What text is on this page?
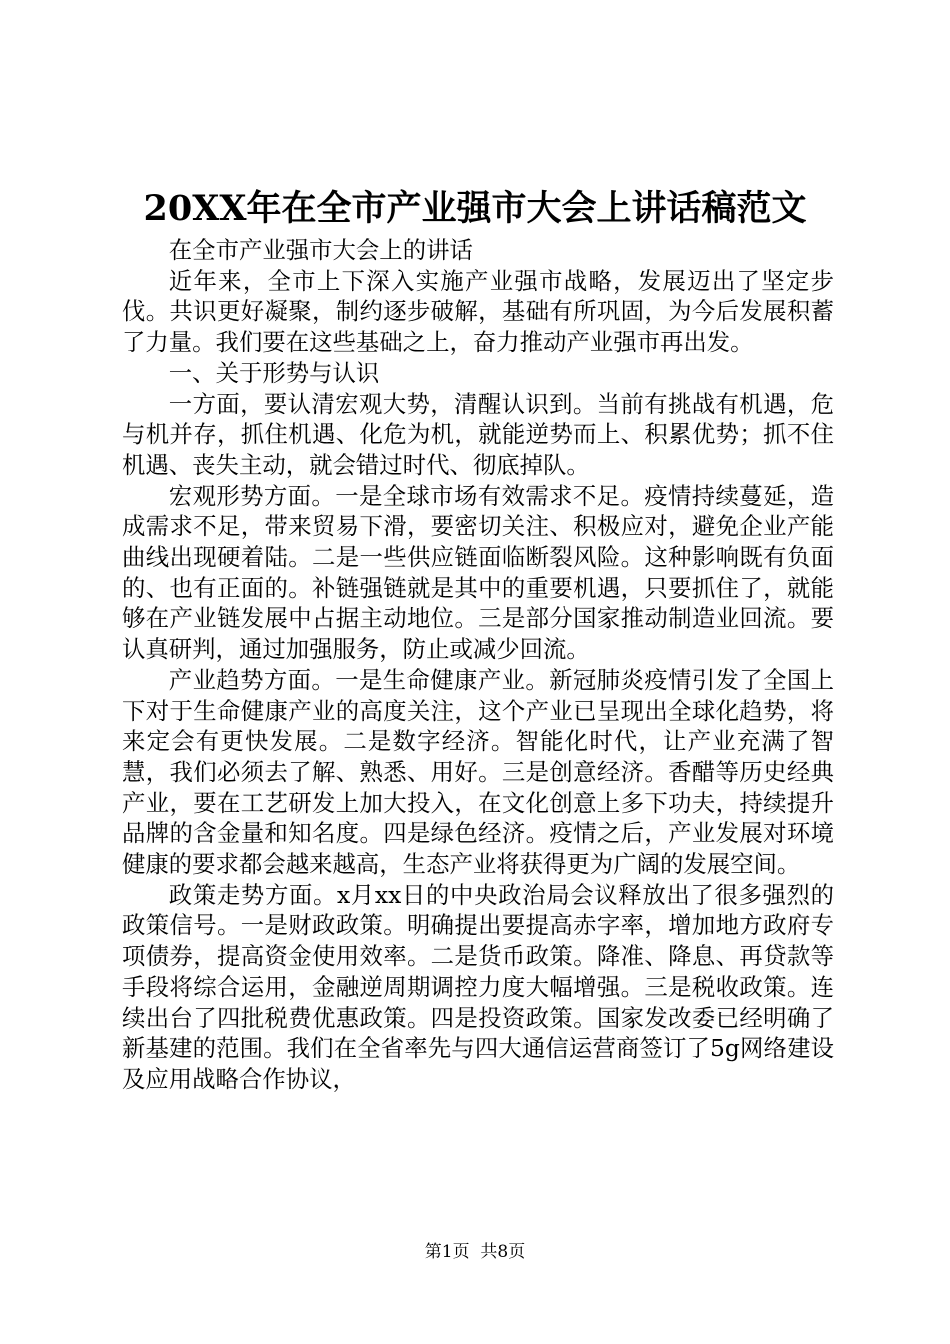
20XX年在全市产业强市大会上讲话稿范文

在全市产业强市大会上的讲话

近年来，全市上下深入实施产业强市战略，发展迈出了坚定步伐。共识更好凝聚，制约逐步破解，基础有所巩固，为今后发展积蓄了力量。我们要在这些基础之上，奋力推动产业强市再出发。

一、关于形势与认识

一方面，要认清宏观大势，清醒认识到。当前有挑战有机遇，危与机并存，抓住机遇、化危为机，就能逆势而上、积累优势；抓不住机遇、丧失主动，就会错过时代、彻底掉队。

宏观形势方面。一是全球市场有效需求不足。疫情持续蔓延，造成需求不足，带来贸易下滑，要密切关注、积极应对，避免企业产能曲线出现硬着陆。二是一些供应链面临断裂风险。这种影响既有负面的、也有正面的。补链强链就是其中的重要机遇，只要抓住了，就能够在产业链发展中占据主动地位。三是部分国家推动制造业回流。要认真研判，通过加强服务，防止或减少回流。

产业趋势方面。一是生命健康产业。新冠肺炎疫情引发了全国上下对于生命健康产业的高度关注，这个产业已呈现出全球化趋势，将来定会有更快发展。二是数字经济。智能化时代，让产业充满了智慧，我们必须去了解、熟悉、用好。三是创意经济。香醋等历史经典产业，要在工艺研发上加大投入，在文化创意上多下功夫，持续提升品牌的含金量和知名度。四是绿色经济。疫情之后，产业发展对环境健康的要求都会越来越高，生态产业将获得更为广阔的发展空间。

政策走势方面。x月xx日的中央政治局会议释放出了很多强烈的政策信号。一是财政政策。明确提出要提高赤字率，增加地方政府专项债券，提高资金使用效率。二是货币政策。降准、降息、再贷款等手段将综合运用，金融逆周期调控力度大幅增强。三是税收政策。连续出台了四批税费优惠政策。四是投资政策。国家发改委已经明确了新基建的范围。我们在全省率先与四大通信运营商签订了5g网络建设及应用战略合作协议，

第1页  共8页
